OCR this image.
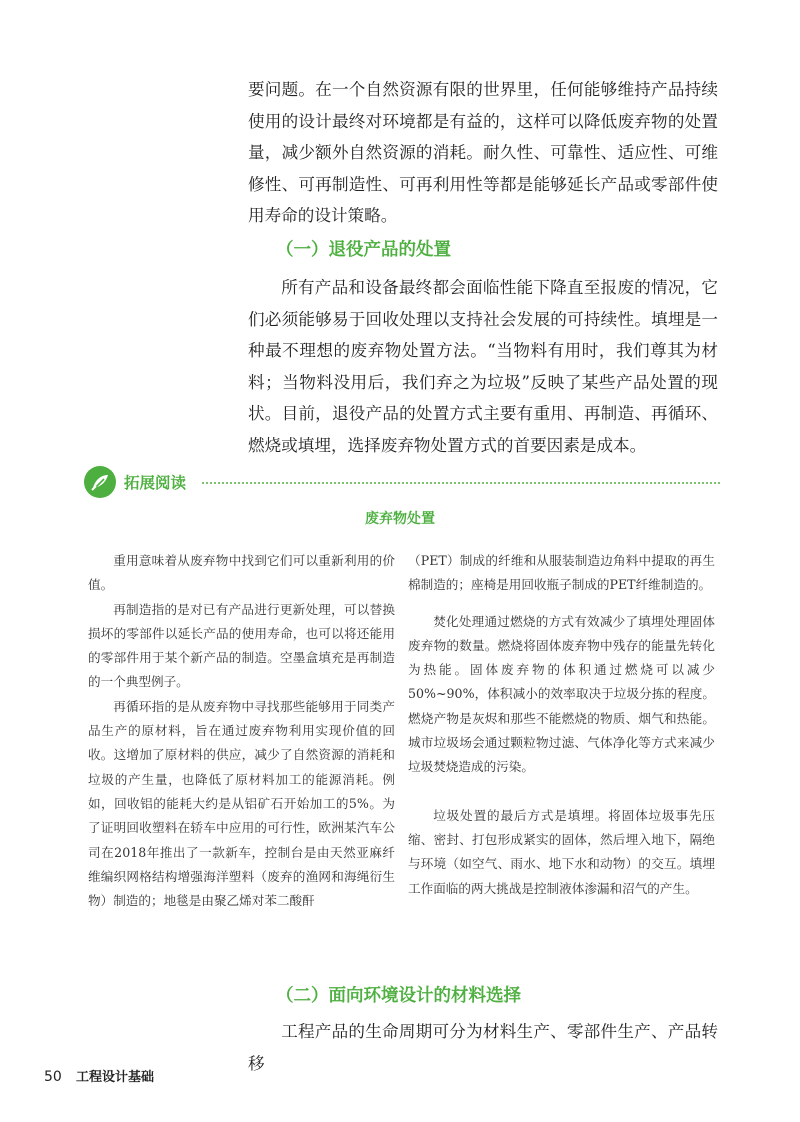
要问题。在一个自然资源有限的世界里，任何能够维持产品持续使用的设计最终对环境都是有益的，这样可以降低废弃物的处置量，减少额外自然资源的消耗。耐久性、可靠性、适应性、可维修性、可再制造性、可再利用性等都是能够延长产品或零部件使用寿命的设计策略。

（一）退役产品的处置

所有产品和设备最终都会面临性能下降直至报废的情况，它们必须能够易于回收处理以支持社会发展的可持续性。填埋是一种最不理想的废弃物处置方法。“当物料有用时，我们尊其为材料；当物料没用后，我们弃之为垃圾”反映了某些产品处置的现状。目前，退役产品的处置方式主要有重用、再制造、再循环、燃烧或填埋，选择废弃物处置方式的首要因素是成本。

拓展阅读
废弃物处置

重用意味着从废弃物中找到它们可以重新利用的价值。

再制造指的是对已有产品进行更新处理，可以替换损坏的零部件以延长产品的使用寿命，也可以将还能用的零部件用于某个新产品的制造。空墨盒填充是再制造的一个典型例子。

再循环指的是从废弃物中寻找那些能够用于同类产品生产的原材料，旨在通过废弃物利用实现价值的回收。这增加了原材料的供应，减少了自然资源的消耗和垃圾的产生量，也降低了原材料加工的能源消耗。例如，回收铝的能耗大约是从铝矿石开始加工的5%。为了证明回收塑料在轿车中应用的可行性，欧洲某汽车公司在2018年推出了一款新车，控制台是由天然亚麻纤维编织网格结构增强海洋塑料（废弃的渔网和海绳衍生物）制造的；地毯是由聚乙烯对苯二酸酐

（PET）制成的纤维和从服装制造边角料中提取的再生棉制造的；座椅是用回收瓶子制成的PET纤维制造的。

焚化处理通过燃烧的方式有效减少了填埋处理固体废弃物的数量。燃烧将固体废弃物中残存的能量先转化为热能。固体废弃物的体积通过燃烧可以减少50%~90%，体积减小的效率取决于垃圾分拣的程度。燃烧产物是灰烬和那些不能燃烧的物质、烟气和热能。城市垃圾场会通过颗粒物过滤、气体净化等方式来减少垃圾焚烧造成的污染。

垃圾处置的最后方式是填埋。将固体垃圾事先压缩、密封、打包形成紧实的固体，然后埋入地下，隔绝与环境（如空气、雨水、地下水和动物）的交互。填埋工作面临的两大挑战是控制液体渗漏和沼气的产生。

（二）面向环境设计的材料选择

工程产品的生命周期可分为材料生产、零部件生产、产品转移

50 工程设计基础
